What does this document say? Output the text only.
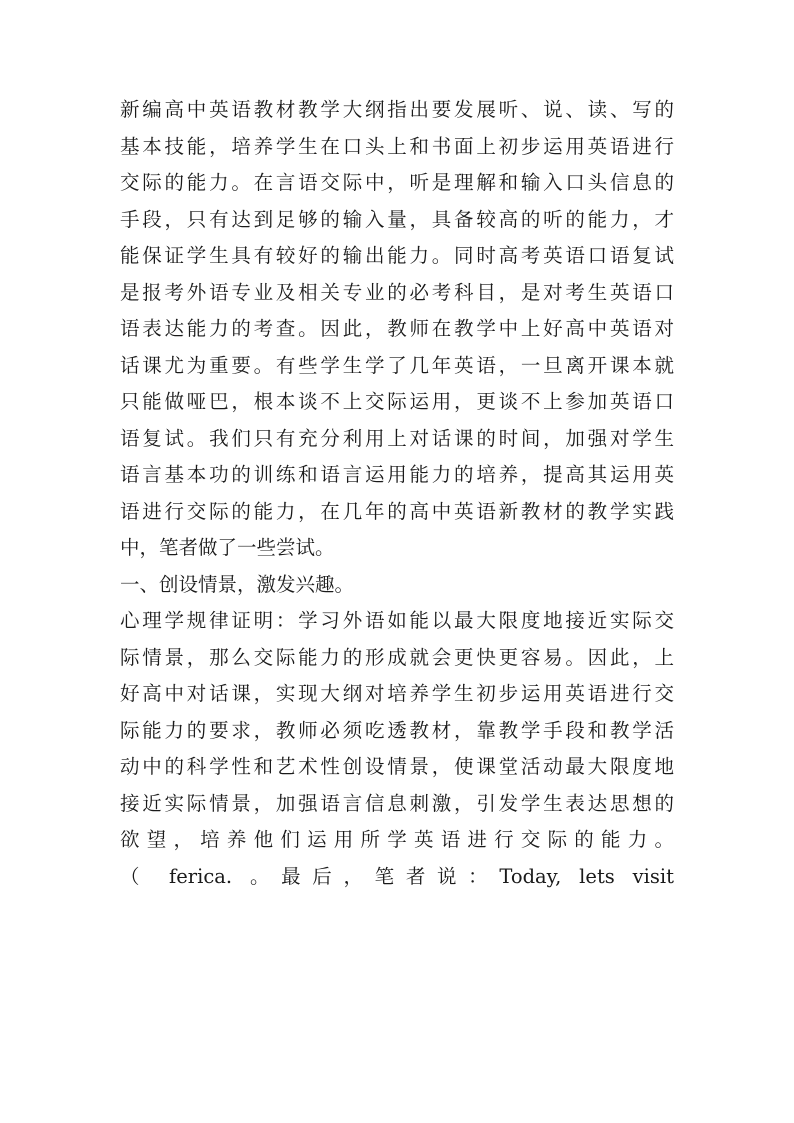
新编高中英语教材教学大纲指出要发展听、说、读、写的
基本技能，培养学生在口头上和书面上初步运用英语进行
交际的能力。在言语交际中，听是理解和输入口头信息的
手段，只有达到足够的输入量，具备较高的听的能力，才
能保证学生具有较好的输出能力。同时高考英语口语复试
是报考外语专业及相关专业的必考科目，是对考生英语口
语表达能力的考查。因此，教师在教学中上好高中英语对
话课尤为重要。有些学生学了几年英语，一旦离开课本就
只能做哑巴，根本谈不上交际运用，更谈不上参加英语口
语复试。我们只有充分利用上对话课的时间，加强对学生
语言基本功的训练和语言运用能力的培养，提高其运用英
语进行交际的能力，在几年的高中英语新教材的教学实践
中，笔者做了一些尝试。
一、创设情景，激发兴趣。
心理学规律证明：学习外语如能以最大限度地接近实际交
际情景，那么交际能力的形成就会更快更容易。因此，上
好高中对话课，实现大纲对培养学生初步运用英语进行交
际能力的要求，教师必须吃透教材，靠教学手段和教学活
动中的科学性和艺术性创设情景，使课堂活动最大限度地
接近实际情景，加强语言信息刺激，引发学生表达思想的
欲望，培养他们运用所学英语进行交际的能力。
（ ferica. 。最后，笔者说：Today, lets visit
